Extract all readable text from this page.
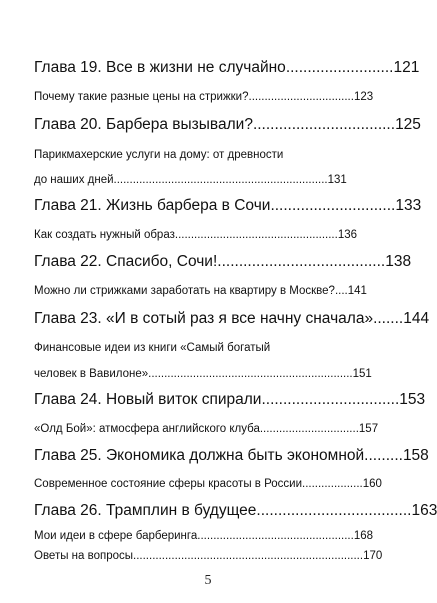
Глава 19. Все в жизни не случайно.........................121
Почему такие разные цены на стрижки?.................................123
Глава 20. Барбера вызывали?.................................125
Парикмахерские услуги на дому: от древности
до наших дней...................................................................131
Глава 21. Жизнь барбера в Сочи.............................133
Как создать нужный образ...................................................136
Глава 22. Спасибо, Сочи!.......................................138
Можно ли стрижками заработать на квартиру в Москве?....141
Глава 23. «И в сотый раз я все начну сначала».......144
Финансовые идеи из книги «Самый богатый
человек в Вавилоне»................................................................151
Глава 24. Новый виток спирали................................153
«Олд Бой»: атмосфера английского клуба...............................157
Глава 25. Экономика должна быть экономной.........158
Современное состояние сферы красоты в России...................160
Глава 26. Трамплин в будущее....................................163
Мои идеи в сфере барберинга.................................................168
Оветы на вопросы........................................................................170
5
